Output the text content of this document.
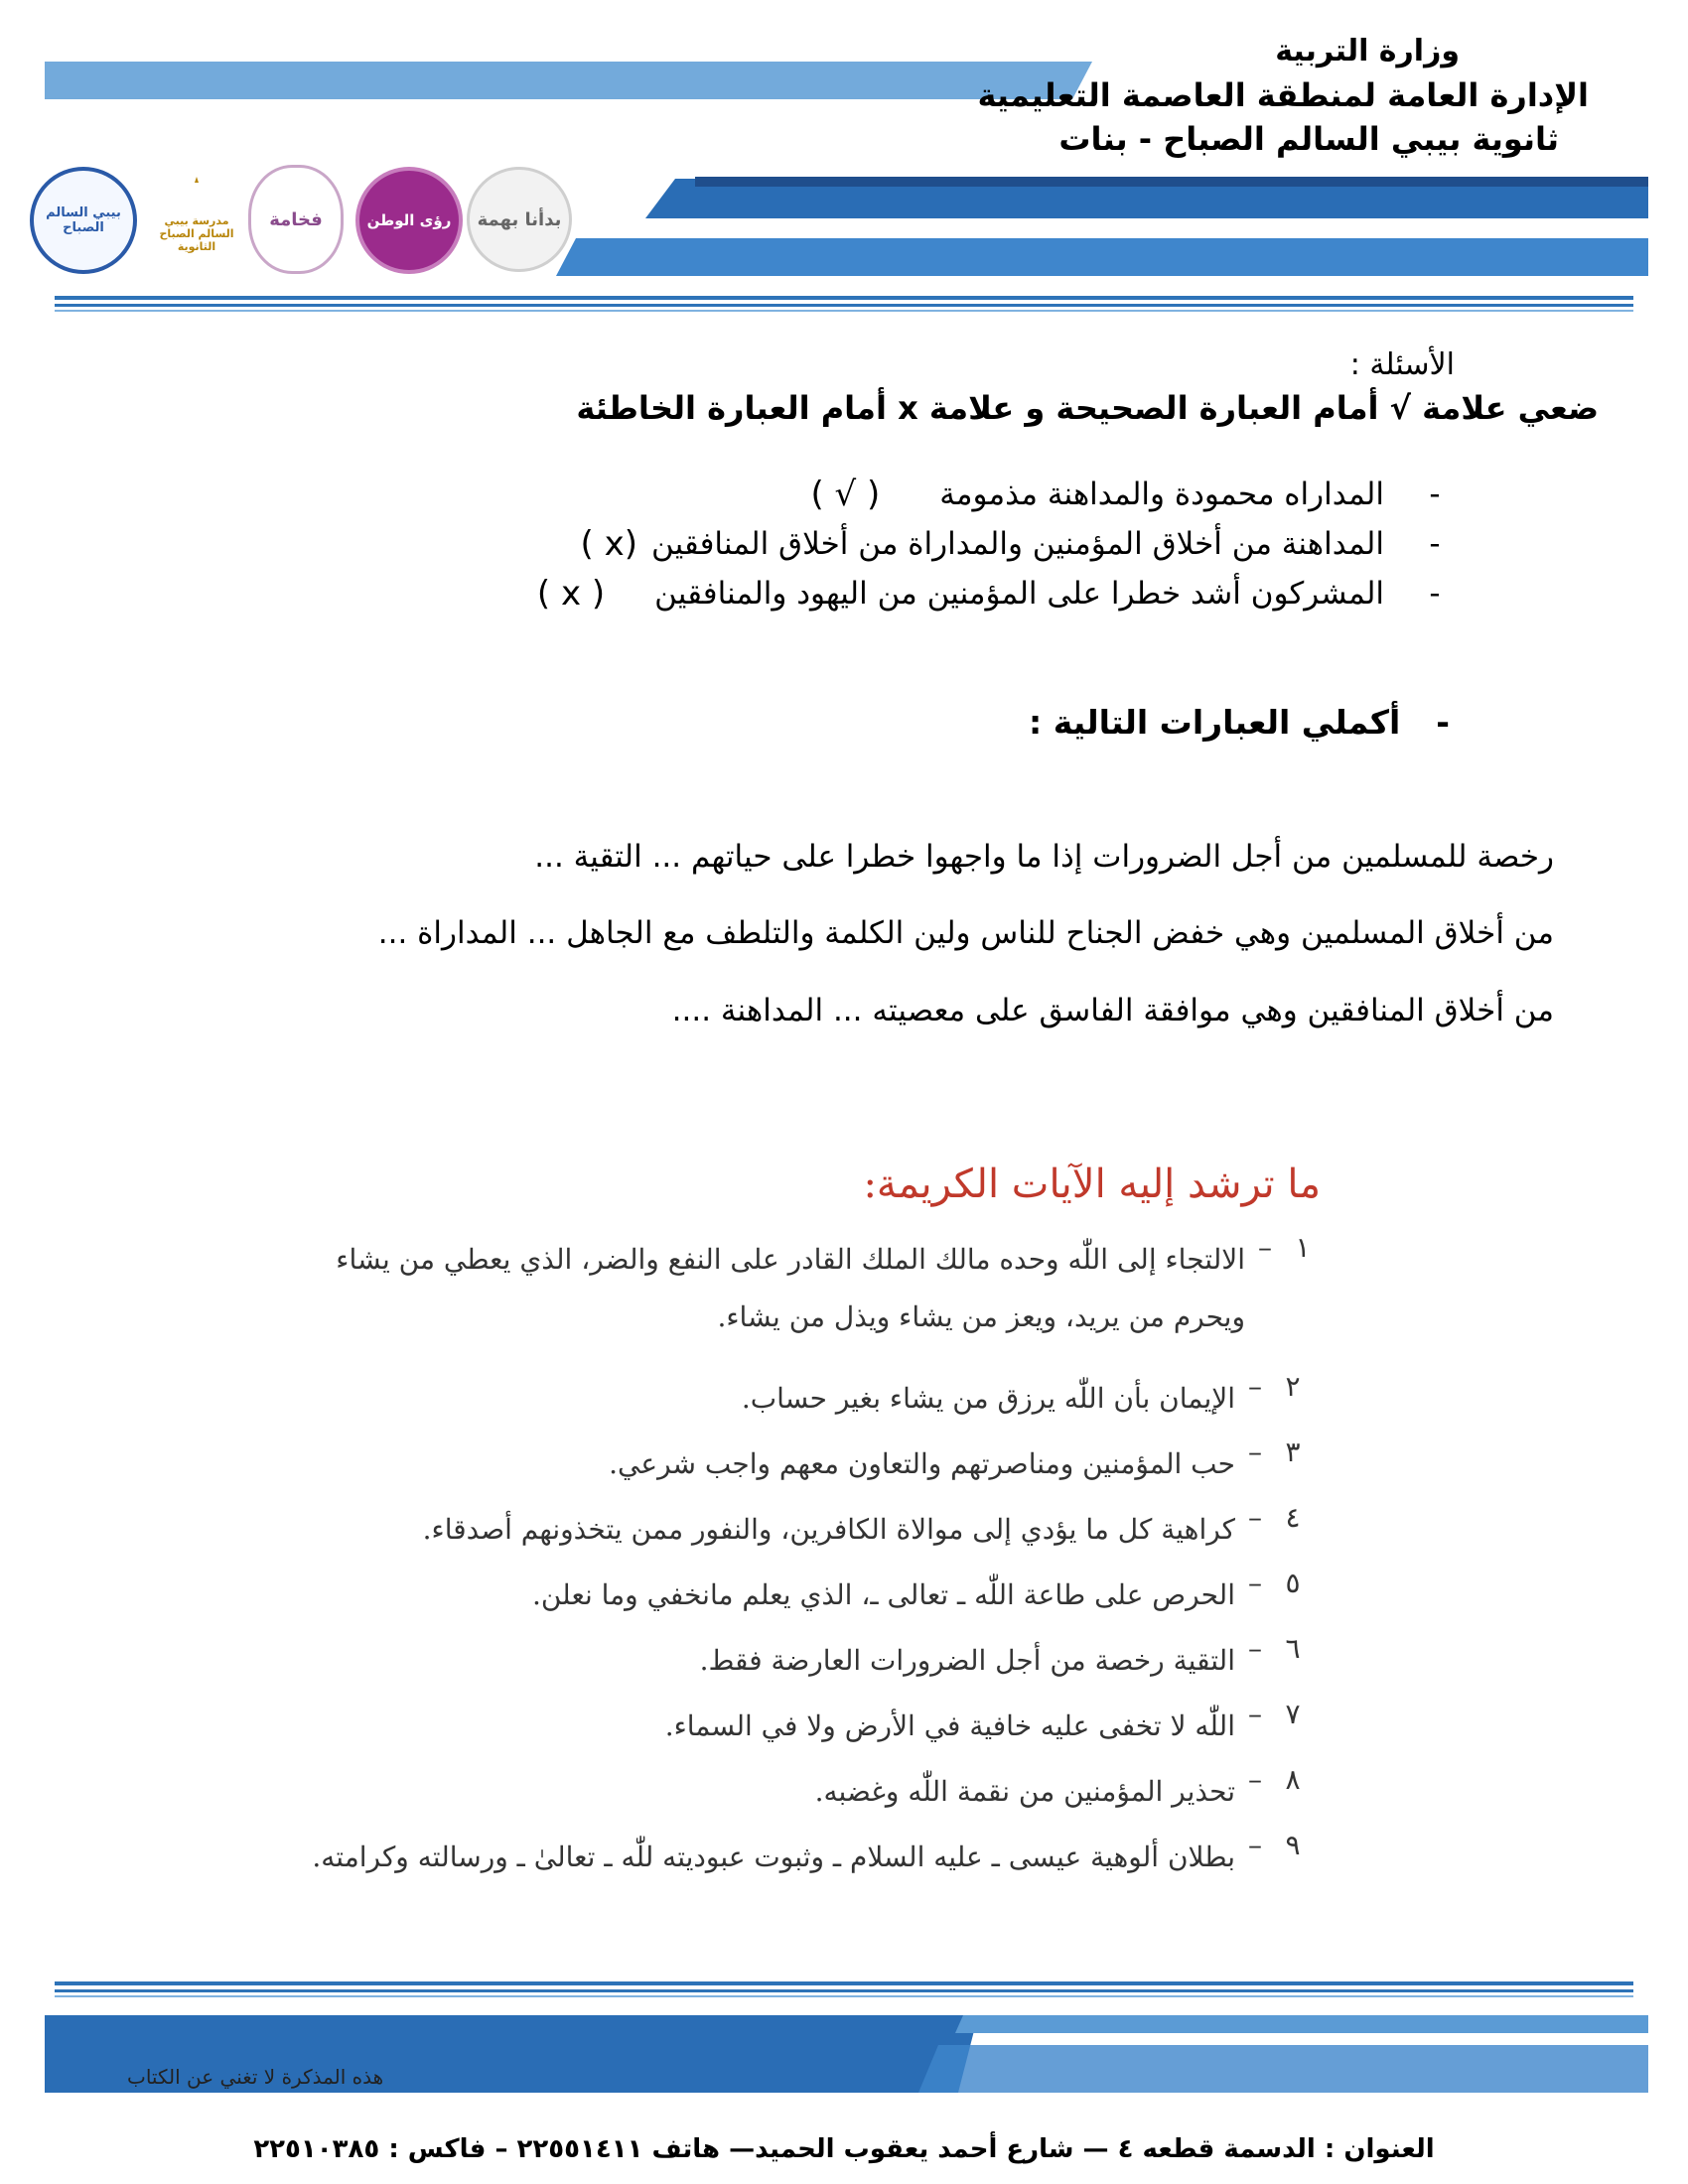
وزارة التربية
الإدارة العامة لمنطقة العاصمة التعليمية
ثانوية بيبي السالم الصباح - بنات
بدأنا بهمة
رؤى الوطن
فخامة
مدرسة بيبي السالم الصباح الثانوية
بيبي السالم الصباح
الأسئلة :
ضعي علامة √ أمام العبارة الصحيحة و علامة x أمام العبارة الخاطئة
-
المداراه محمودة والمداهنة مذمومة
( √ )
-
المداهنة من أخلاق المؤمنين والمداراة من أخلاق المنافقين
(x )
-
المشركون أشد خطرا على المؤمنين من اليهود والمنافقين
( x )
-
أكملي العبارات التالية :
رخصة للمسلمين من أجل الضرورات إذا ما واجهوا خطرا على حياتهم ... التقية ...
من أخلاق المسلمين وهي خفض الجناح للناس ولين الكلمة والتلطف مع الجاهل ... المداراة ...
من أخلاق المنافقين وهي موافقة الفاسق على معصيته ... المداهنة ....
ما ترشد إليه الآيات الكريمة:
١
–
الالتجاء إلى اللّٰه وحده مالك الملك القادر على النفع والضر، الذي يعطي من يشاء
ويحرم من يريد، ويعز من يشاء ويذل من يشاء.
٢
–
الإيمان بأن اللّٰه يرزق من يشاء بغير حساب.
٣
–
حب المؤمنين ومناصرتهم والتعاون معهم واجب شرعي.
٤
–
كراهية كل ما يؤدي إلى موالاة الكافرين، والنفور ممن يتخذونهم أصدقاء.
٥
–
الحرص على طاعة اللّٰه ـ تعالى ـ، الذي يعلم مانخفي وما نعلن.
٦
–
التقية رخصة من أجل الضرورات العارضة فقط.
٧
–
اللّٰه لا تخفى عليه خافية في الأرض ولا في السماء.
٨
–
تحذير المؤمنين من نقمة اللّٰه وغضبه.
٩
–
بطلان ألوهية عيسى ـ عليه السلام ـ وثبوت عبوديته للّٰه ـ تعالىٰ ـ ورسالته وكرامته.
هذه المذكرة لا تغني عن الكتاب
العنوان : الدسمة قطعه ٤ — شارع أحمد يعقوب الحميد— هاتف ٢٢٥٥١٤١١ – فاكس : ٢٢٥١٠٣٨٥
